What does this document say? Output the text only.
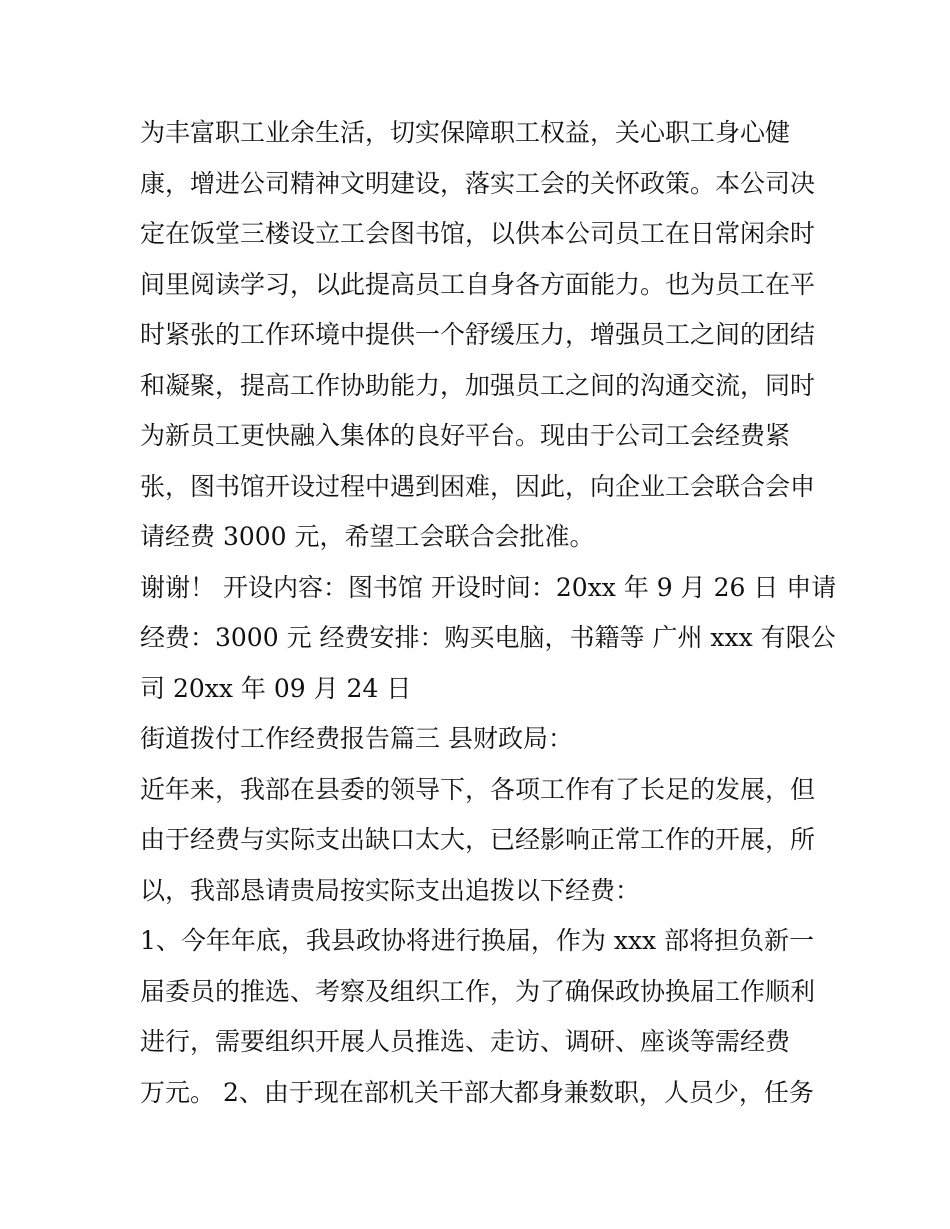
为丰富职工业余生活，切实保障职工权益，关心职工身心健
康，增进公司精神文明建设，落实工会的关怀政策。本公司决
定在饭堂三楼设立工会图书馆，以供本公司员工在日常闲余时
间里阅读学习，以此提高员工自身各方面能力。也为员工在平
时紧张的工作环境中提供一个舒缓压力，增强员工之间的团结
和凝聚，提高工作协助能力，加强员工之间的沟通交流，同时
为新员工更快融入集体的良好平台。现由于公司工会经费紧
张，图书馆开设过程中遇到困难，因此，向企业工会联合会申
请经费 3000 元，希望工会联合会批准。
谢谢！ 开设内容：图书馆 开设时间：20xx 年 9 月 26 日 申请
经费：3000 元 经费安排：购买电脑，书籍等 广州 xxx 有限公
司 20xx 年 09 月 24 日
街道拨付工作经费报告篇三 县财政局：
近年来，我部在县委的领导下，各项工作有了长足的发展，但
由于经费与实际支出缺口太大，已经影响正常工作的开展，所
以，我部恳请贵局按实际支出追拨以下经费：
1、今年年底，我县政协将进行换届，作为 xxx 部将担负新一
届委员的推选、考察及组织工作，为了确保政协换届工作顺利
进行，需要组织开展人员推选、走访、调研、座谈等需经费
万元。 2、由于现在部机关干部大都身兼数职，人员少，任务
